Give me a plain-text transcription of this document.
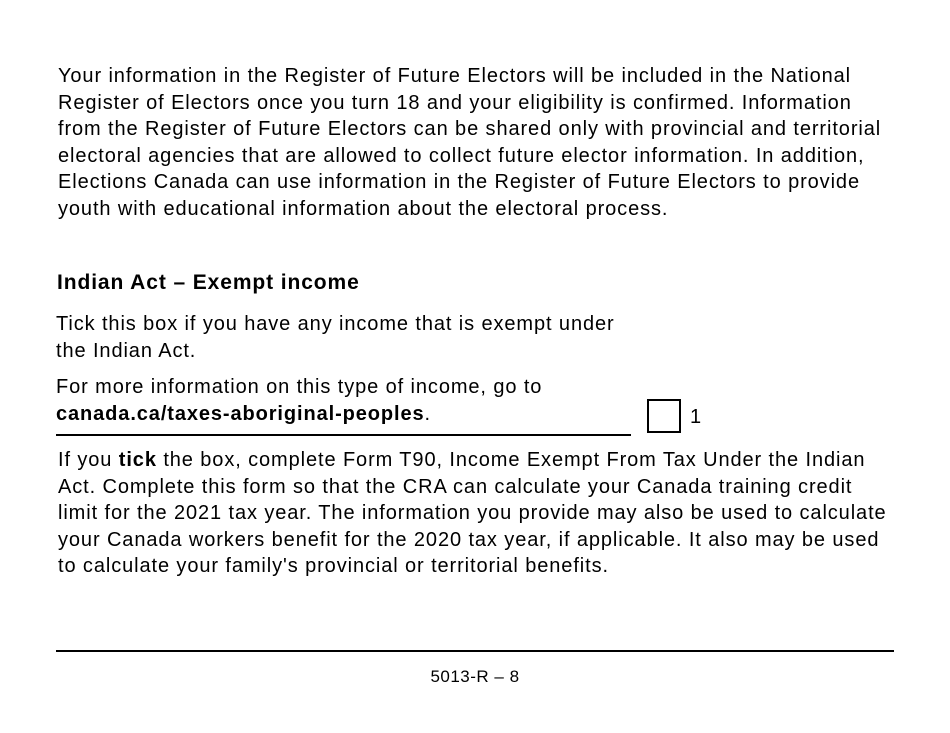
Your information in the Register of Future Electors will be included in the National Register of Electors once you turn 18 and your eligibility is confirmed. Information from the Register of Future Electors can be shared only with provincial and territorial electoral agencies that are allowed to collect future elector information. In addition, Elections Canada can use information in the Register of Future Electors to provide youth with educational information about the electoral process.

Indian Act – Exempt income

Tick this box if you have any income that is exempt under the Indian Act.

For more information on this type of income, go to canada.ca/taxes-aboriginal-peoples.	1

If you tick the box, complete Form T90, Income Exempt From Tax Under the Indian Act. Complete this form so that the CRA can calculate your Canada training credit limit for the 2021 tax year. The information you provide may also be used to calculate your Canada workers benefit for the 2020 tax year, if applicable. It also may be used to calculate your family's provincial or territorial benefits.

5013-R – 8
